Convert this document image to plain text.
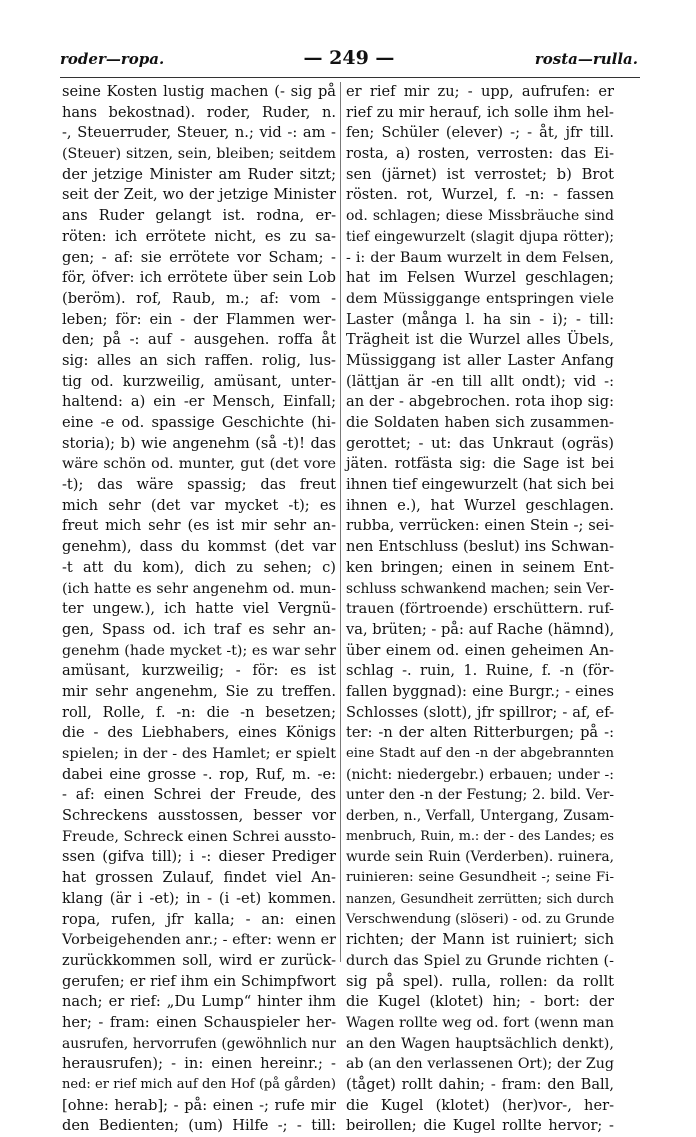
roder—ropa.	— 249 —	rosta—rulla.
seine Kosten lustig machen (- sig på
hans bekostnad). roder, Ruder, n.
-, Steuerruder, Steuer, n.; vid -: am -
(Steuer) sitzen, sein, bleiben; seitdem
der jetzige Minister am Ruder sitzt;
seit der Zeit, wo der jetzige Minister
ans Ruder gelangt ist. rodna, er-
röten: ich errötete nicht, es zu sa-
gen; - af: sie errötete vor Scham; -
för, öfver: ich errötete über sein Lob
(beröm). rof, Raub, m.; af: vom -
leben; för: ein - der Flammen wer-
den; på -: auf - ausgehen. roffa åt
sig: alles an sich raffen. rolig, lus-
tig od. kurzweilig, amüsant, unter-
haltend: a) ein -er Mensch, Einfall;
eine -e od. spassige Geschichte (hi-
storia); b) wie angenehm (så -t)! das
wäre schön od. munter, gut (det vore
-t); das wäre spassig; das freut
mich sehr (det var mycket -t); es
freut mich sehr (es ist mir sehr an-
genehm), dass du kommst (det var
-t att du kom), dich zu sehen; c)
(ich hatte es sehr angenehm od. mun-
ter ungew.), ich hatte viel Vergnü-
gen, Spass od. ich traf es sehr an-
genehm (hade mycket -t); es war sehr
amüsant, kurzweilig; - för: es ist
mir sehr angenehm, Sie zu treffen.
roll, Rolle, f. -n: die -n besetzen;
die - des Liebhabers, eines Königs
spielen; in der - des Hamlet; er spielt
dabei eine grosse -. rop, Ruf, m. -e:
- af: einen Schrei der Freude, des
Schreckens ausstossen, besser vor
Freude, Schreck einen Schrei aussto-
ssen (gifva till); i -: dieser Prediger
hat grossen Zulauf, findet viel An-
klang (är i -et); in - (i -et) kommen.
ropa, rufen, jfr kalla; - an: einen
Vorbeigehenden anr.; - efter: wenn er
zurückkommen soll, wird er zurück-
gerufen; er rief ihm ein Schimpfwort
nach; er rief: „Du Lump“ hinter ihm
her; - fram: einen Schauspieler her-
ausrufen, hervorrufen (gewöhnlich nur
herausrufen); - in: einen hereinr.; -
ned: er rief mich auf den Hof (på gården)
[ohne: herab]; - på: einen -; rufe mir
den Bedienten; (um) Hilfe -; - till:
er rief mir zu; - upp, aufrufen: er
rief zu mir herauf, ich solle ihm hel-
fen; Schüler (elever) -; - åt, jfr till.
rosta, a) rosten, verrosten: das Ei-
sen (järnet) ist verrostet; b) Brot
rösten. rot, Wurzel, f. -n: - fassen
od. schlagen; diese Missbräuche sind
tief eingewurzelt (slagit djupa rötter);
- i: der Baum wurzelt in dem Felsen,
hat im Felsen Wurzel geschlagen;
dem Müssiggange entspringen viele
Laster (många l. ha sin - i); - till:
Trägheit ist die Wurzel alles Übels,
Müssiggang ist aller Laster Anfang
(lättjan är -en till allt ondt); vid -:
an der - abgebrochen. rota ihop sig:
die Soldaten haben sich zusammen-
gerottet; - ut: das Unkraut (ogräs)
jäten. rotfästa sig: die Sage ist bei
ihnen tief eingewurzelt (hat sich bei
ihnen e.), hat Wurzel geschlagen.
rubba, verrücken: einen Stein -; sei-
nen Entschluss (beslut) ins Schwan-
ken bringen; einen in seinem Ent-
schluss schwankend machen; sein Ver-
trauen (förtroende) erschüttern. ruf-
va, brüten; - på: auf Rache (hämnd),
über einem od. einen geheimen An-
schlag -. ruin, 1. Ruine, f. -n (för-
fallen byggnad): eine Burgr.; - eines
Schlosses (slott), jfr spillror; - af, ef-
ter: -n der alten Ritterburgen; på -:
eine Stadt auf den -n der abgebrannten
(nicht: niedergebr.) erbauen; under -:
unter den -n der Festung; 2. bild. Ver-
derben, n., Verfall, Untergang, Zusam-
menbruch, Ruin, m.: der - des Landes; es
wurde sein Ruin (Verderben). ruinera,
ruinieren: seine Gesundheit -; seine Fi-
nanzen, Gesundheit zerrütten; sich durch
Verschwendung (slöseri) - od. zu Grunde
richten; der Mann ist ruiniert; sich
durch das Spiel zu Grunde richten (-
sig på spel). rulla, rollen: da rollt
die Kugel (klotet) hin; - bort: der
Wagen rollte weg od. fort (wenn man
an den Wagen hauptsächlich denkt),
ab (an den verlassenen Ort); der Zug
(tåget) rollt dahin; - fram: den Ball,
die Kugel (klotet) (her)vor-, her-
beirollen; die Kugel rollte hervor; -
